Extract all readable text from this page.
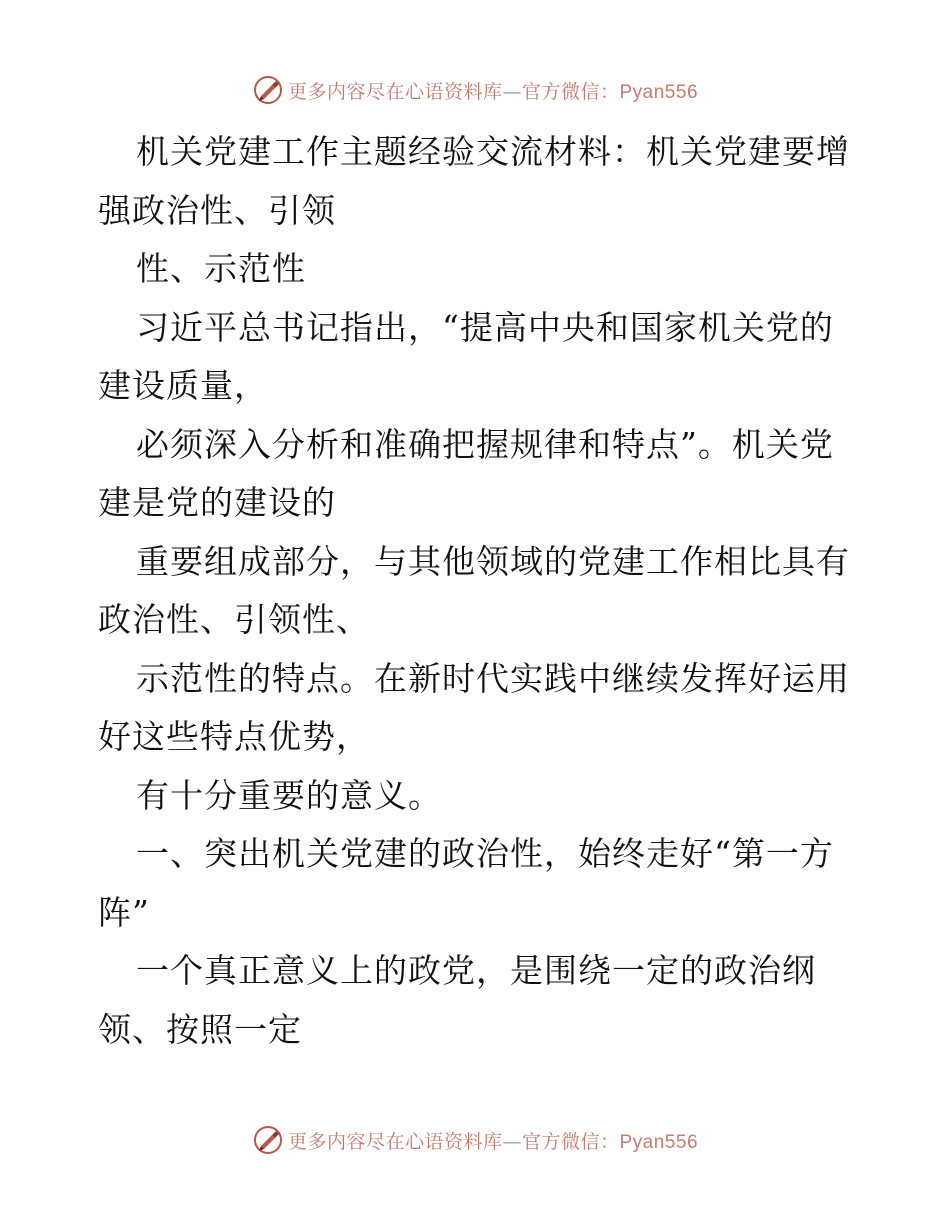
更多内容尽在心语资料库—官方微信：Pyan556
机关党建工作主题经验交流材料：机关党建要增
强政治性、引领
性、示范性
习近平总书记指出，“提高中央和国家机关党的
建设质量，
必须深入分析和准确把握规律和特点”。机关党
建是党的建设的
重要组成部分，与其他领域的党建工作相比具有
政治性、引领性、
示范性的特点。在新时代实践中继续发挥好运用
好这些特点优势，
有十分重要的意义。
一、突出机关党建的政治性，始终走好“第一方
阵”
一个真正意义上的政党，是围绕一定的政治纲
领、按照一定
更多内容尽在心语资料库—官方微信：Pyan556
